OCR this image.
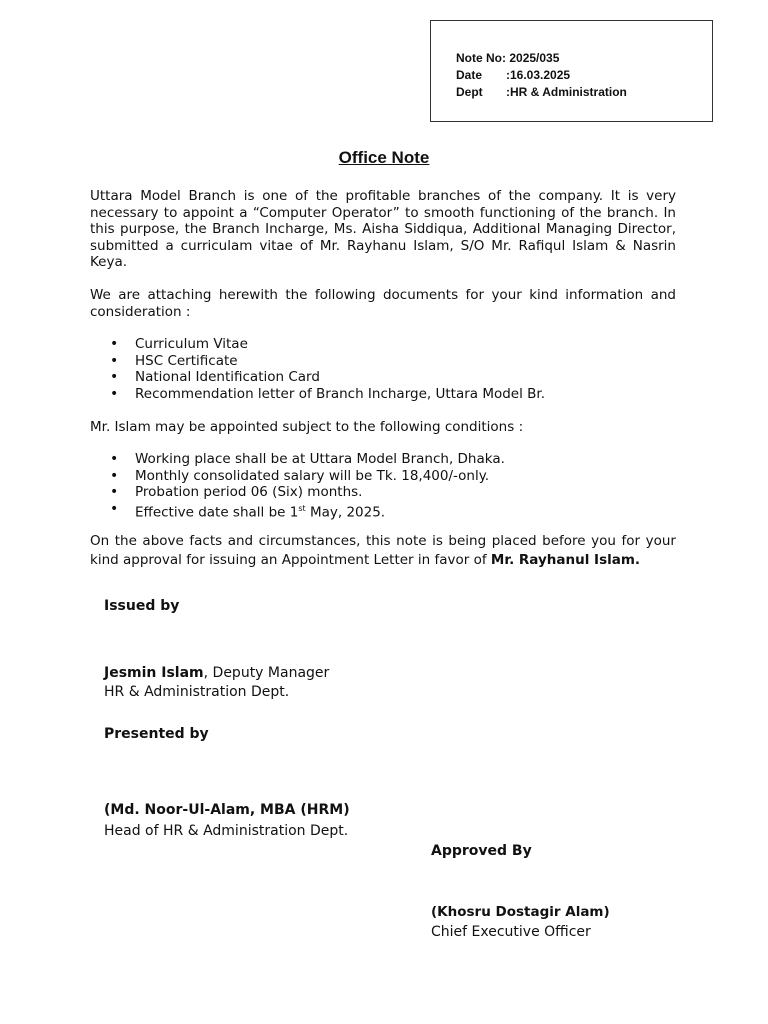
Note No: 2025/035
Date :16.03.2025
Dept :HR & Administration
Office Note

Uttara Model Branch is one of the profitable branches of the company. It is very necessary to appoint a “Computer Operator” to smooth functioning of the branch. In this purpose, the Branch Incharge, Ms. Aisha Siddiqua, Additional Managing Director, submitted a curriculam vitae of Mr. Rayhanu Islam, S/O Mr. Rafiqul Islam & Nasrin Keya.

We are attaching herewith the following documents for your kind information and consideration :

• Curriculum Vitae
• HSC Certificate
• National Identification Card
• Recommendation letter of Branch Incharge, Uttara Model Br.

Mr. Islam may be appointed subject to the following conditions :

• Working place shall be at Uttara Model Branch, Dhaka.
• Monthly consolidated salary will be Tk. 18,400/-only.
• Probation period 06 (Six) months.
• Effective date shall be 1st May, 2025.

On the above facts and circumstances, this note is being placed before you for your kind approval for issuing an Appointment Letter in favor of Mr. Rayhanul Islam.

Issued by
Jesmin Islam, Deputy Manager
HR & Administration Dept.
Presented by
(Md. Noor-Ul-Alam, MBA (HRM)
Head of HR & Administration Dept.
Approved By
(Khosru Dostagir Alam)
Chief Executive Officer
